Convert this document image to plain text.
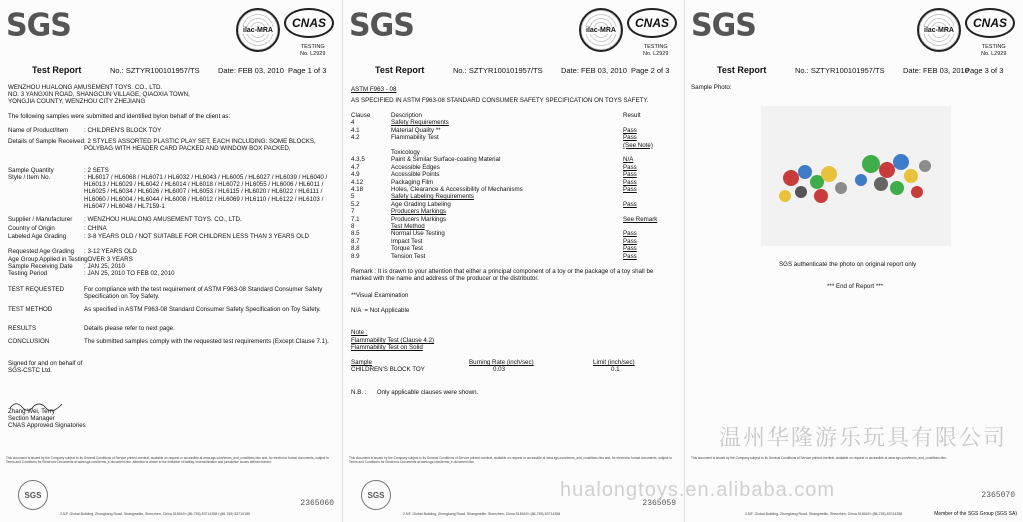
SGS	ilac-MRA	CNAS
TESTING
No. L2929
Test Report	No.: SZTYR100101957/TS Date: FEB 03, 2010 Page 1 of 3
WENZHOU HUALONG AMUSEMENT TOYS. CO., LTD.
NO. 3 YANGXIN ROAD, SHANGCUN VILLAGE, QIAOXIA TOWN,
YONGJIA COUNTY, WENZHOU CITY ZHEJIANG
The following samples were submitted and identified by/on behalf of the client as:
Name of Product/Item	: CHILDREN'S BLOCK TOY
Details of Sample Received : 2 STYLES ASSORTED PLASTIC PLAY SET, EACH INCLUDING: SOME BLOCKS, POLYBAG WITH HEADER CARD PACKED AND WINDOW BOX PACKED.
Sample Quantity	: 2 SETS
Style / Item No.	: HL6017 / HL6068 / HL6071 / HL6032 / HL6043 / HL6005 / HL6027 / HL6039 / HL6040 / HL6013 / HL6029 / HL6042 / HL6014 / HL6018 / HL6072 / HL6055 / HL6006 / HL6011 / HL6025 / HL6034 / HL6026 / HL6007 / HL6053 / HL6115 / HL6020 / HL6022 / HL6111 / HL6060 / HL6004 / HL6044 / HL6008 / HL6012 / HL6069 / HL6110 / HL6122 / HL6103 / HL6047 / HL6048 / HL7159-1
Supplier / Manufacturer : WENZHOU HUALONG AMUSEMENT TOYS. CO., LTD.
Country of Origin	: CHINA
Labeled Age Grading	: 3-8 YEARS OLD / NOT SUITABLE FOR CHILDREN LESS THAN 3 YEARS OLD
Requested Age Grading : 3-12 YEARS OLD
Age Group Applied in Testing
: OVER 3 YEARS
Sample Receiving Date : JAN 25, 2010
Testing Period	: JAN 25, 2010 TO FEB 02, 2010
TEST REQUESTED	For compliance with the test requirement of ASTM F963-08 Standard Consumer Safety Specification on Toy Safety.
TEST METHOD	As specified in ASTM F963-08 Standard Consumer Safety Specification on Toy Safety.
RESULTS	Details please refer to next page.
CONCLUSION	The submitted samples comply with the requested test requirements (Except Clause 7.1).
Signed for and on behalf of
SGS-CSTC Ltd.
Zhang Wei, Terry
Section Manager
CNAS Approved Signatories
This document is issued by the Company subject to its General Conditions of Service printed overleaf, available on request or accessible at www.sgs.com/terms_and_conditions.htm and, for electronic format documents, subject to Terms and Conditions for Electronic Documents at www.sgs.com/terms_e-document.htm. Attention is drawn to the limitation of liability, indemnification and jurisdiction issues defined therein.
SGS
2.5/F, Global Building, Zhongkang Road, Shangmeilin, Shenzhen, China 518049 t (86-755) 83714358 f (86-755) 83710185
2365060
SGS	ilac-MRA	CNAS
TESTING
No. L2929
Test Report	No.: SZTYR100101957/TS Date: FEB 03, 2010 Page 2 of 3
ASTM F963 - 08
AS SPECIFIED IN ASTM F963-08 STANDARD CONSUMER SAFETY SPECIFICATION ON TOYS SAFETY.
Clause	Description	Result
4	Safety Requirements
4.1	Material Quality **	Pass
4.2	Flammability Test	Pass
(See Note)
Toxicology
4.3.5	Paint & Similar Surface-coating Material	N/A
4.7	Accessible Edges	Pass
4.9	Accessible Points	Pass
4.12	Packaging Film	Pass
4.18	Holes, Clearance & Accessibility of Mechanisms	Pass
5	Safety Labeling Requirements
5.2	Age Grading Labeling	Pass
7	Producers Markings
7.1	Producers Markings	See Remark
8	Test Method
8.5	Normal Use Testing	Pass
8.7	Impact Test	Pass
8.8	Torque Test	Pass
8.9	Tension Test	Pass
Remark : It is drawn to your attention that either a principal component of a toy or the package of a toy shall be marked with the name and address of the producer or the distributor.
**Visual Examination
N/A  = Not Applicable
Note :
Flammability Test (Clause 4.2)
Flammability Test on Solid
Sample	Burning Rate (inch/sec)	Limit (inch/sec)
CHILDREN'S BLOCK TOY	0.03	0.1
N.B. :      Only applicable clauses were shown.
This document is issued by the Company subject to its General Conditions of Service printed overleaf, available on request or accessible at www.sgs.com/terms_and_conditions.htm and, for electronic format documents, subject to Terms and Conditions for Electronic Documents at www.sgs.com/terms_e-document.htm.
SGS
2.5/F, Global Building, Zhongkang Road, Shangmeilin, Shenzhen, China 518049 t (86-755) 83714358
2365059
SGS	ilac-MRA	CNAS
TESTING
No. L2929
Test Report	No.: SZTYR100101957/TS Date: FEB 03, 2010
Page 3 of 3
Sample Photo:
SGS authenticate the photo on original report only
*** End of Report ***
This document is issued by the Company subject to its General Conditions of Service printed overleaf, available on request or accessible at www.sgs.com/terms_and_conditions.htm.
2.5/F, Global Building, Zhongkang Road, Shangmeilin, Shenzhen, China 518049 t (86-755) 83714358
2365070
Member of the SGS Group (SGS SA)
温州华隆游乐玩具有限公司
hualongtoys.en.alibaba.com
